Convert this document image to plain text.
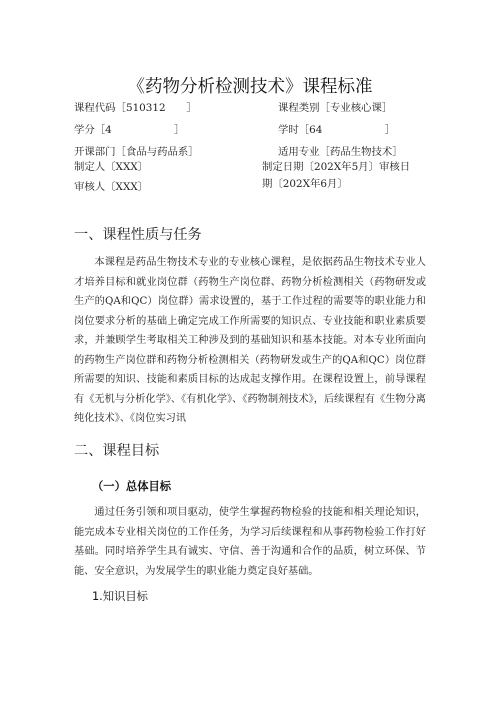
《药物分析检测技术》课程标准
课程代码［510312　　］	课程类别［专业核心课］
学分［4　　　　　　］	学时［64　　　　　　］
开课部门［食品与药品系］	适用专业［药品生物技术］
制定人〔XXX〕	制定日期〔202X年5月〕审核日
审核人〔XXX〕	期〔202X年6月〕
一、课程性质与任务

本课程是药品生物技术专业的专业核心课程，是依据药品生物技术专业人才培养目标和就业岗位群（药物生产岗位群、药物分析检测相关（药物研发或生产的QA和QC）岗位群）需求设置的，基于工作过程的需要等的职业能力和岗位要求分析的基础上确定完成工作所需要的知识点、专业技能和职业素质要求，并兼顾学生考取相关工种涉及到的基础知识和基本技能。对本专业所面向的药物生产岗位群和药物分析检测相关（药物研发或生产的QA和QC）岗位群所需要的知识、技能和素质目标的达成起支撑作用。在课程设置上，前导课程有《无机与分析化学》、《有机化学》、《药物制剂技术》，后续课程有《生物分离纯化技术》、《岗位实习讯

二、课程目标
（一）总体目标

通过任务引领和项目驱动，使学生掌握药物检验的技能和相关理论知识，能完成本专业相关岗位的工作任务，为学习后续课程和从事药物检验工作打好基础。同时培养学生具有诚实、守信、善于沟通和合作的品质，树立环保、节能、安全意识，为发展学生的职业能力奠定良好基础。

1.知识目标
